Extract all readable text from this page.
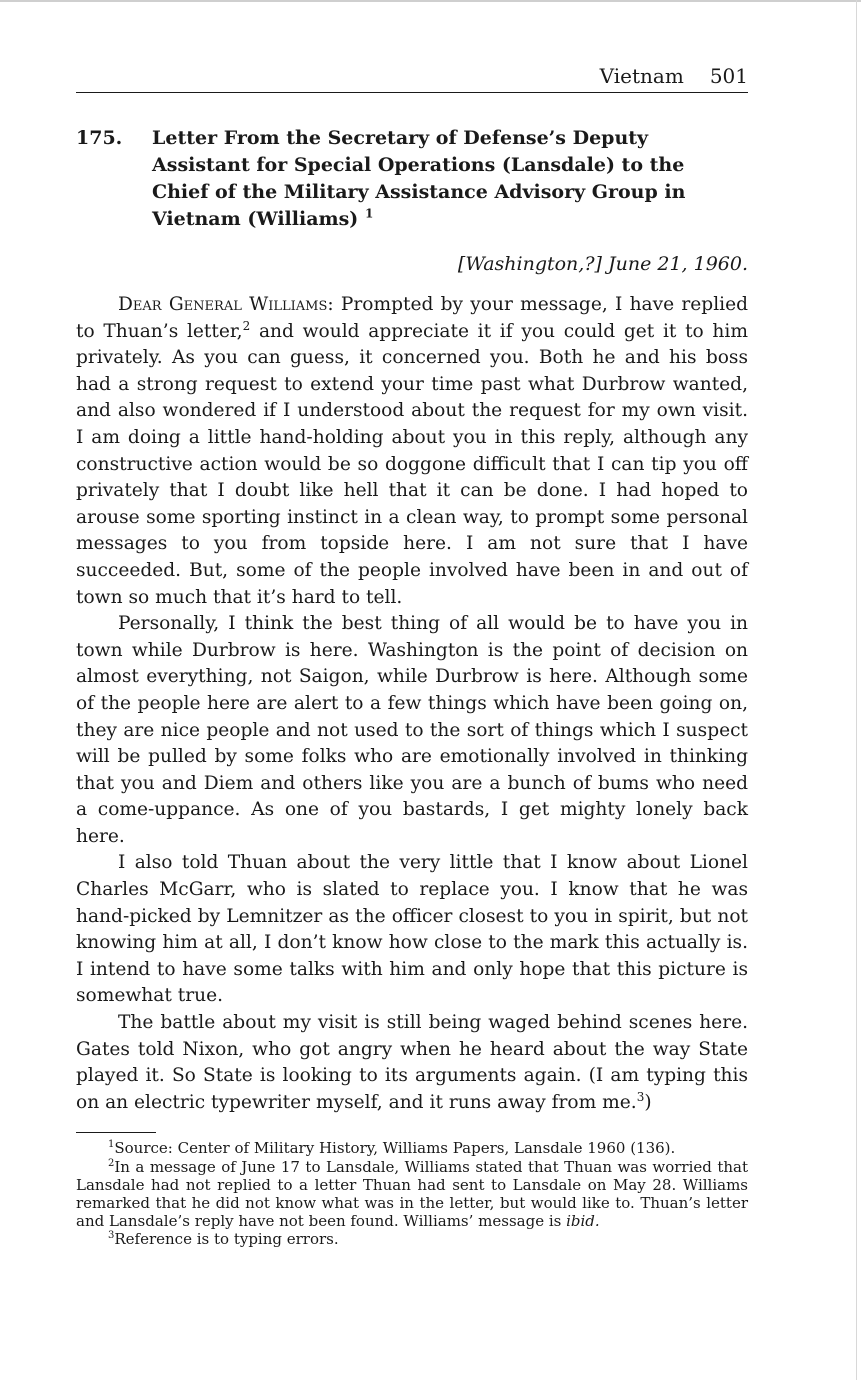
Vietnam 501
175.	Letter From the Secretary of Defense’s Deputy Assistant for Special Operations (Lansdale) to the Chief of the Military Assistance Advisory Group in Vietnam (Williams) $^1$
[Washington,?] June 21, 1960.

Dear General Williams: Prompted by your message, I have replied to Thuan’s letter,$^2$ and would appreciate it if you could get it to him privately. As you can guess, it concerned you. Both he and his boss had a strong request to extend your time past what Durbrow wanted, and also wondered if I understood about the request for my own visit. I am doing a little hand-holding about you in this reply, although any constructive action would be so doggone difficult that I can tip you off privately that I doubt like hell that it can be done. I had hoped to arouse some sporting instinct in a clean way, to prompt some personal messages to you from topside here. I am not sure that I have succeeded. But, some of the people involved have been in and out of town so much that it’s hard to tell.

Personally, I think the best thing of all would be to have you in town while Durbrow is here. Washington is the point of decision on almost everything, not Saigon, while Durbrow is here. Although some of the people here are alert to a few things which have been going on, they are nice people and not used to the sort of things which I suspect will be pulled by some folks who are emotionally involved in thinking that you and Diem and others like you are a bunch of bums who need a come-uppance. As one of you bastards, I get mighty lonely back here.

I also told Thuan about the very little that I know about Lionel Charles McGarr, who is slated to replace you. I know that he was hand-picked by Lemnitzer as the officer closest to you in spirit, but not knowing him at all, I don’t know how close to the mark this actually is. I intend to have some talks with him and only hope that this picture is somewhat true.

The battle about my visit is still being waged behind scenes here. Gates told Nixon, who got angry when he heard about the way State played it. So State is looking to its arguments again. (I am typing this on an electric typewriter myself, and it runs away from me.$^3$)

$^1$Source: Center of Military History, Williams Papers, Lansdale 1960 (136).

$^2$In a message of June 17 to Lansdale, Williams stated that Thuan was worried that Lansdale had not replied to a letter Thuan had sent to Lansdale on May 28. Williams remarked that he did not know what was in the letter, but would like to. Thuan’s letter and Lansdale’s reply have not been found. Williams’ message is ibid.

$^3$Reference is to typing errors.
